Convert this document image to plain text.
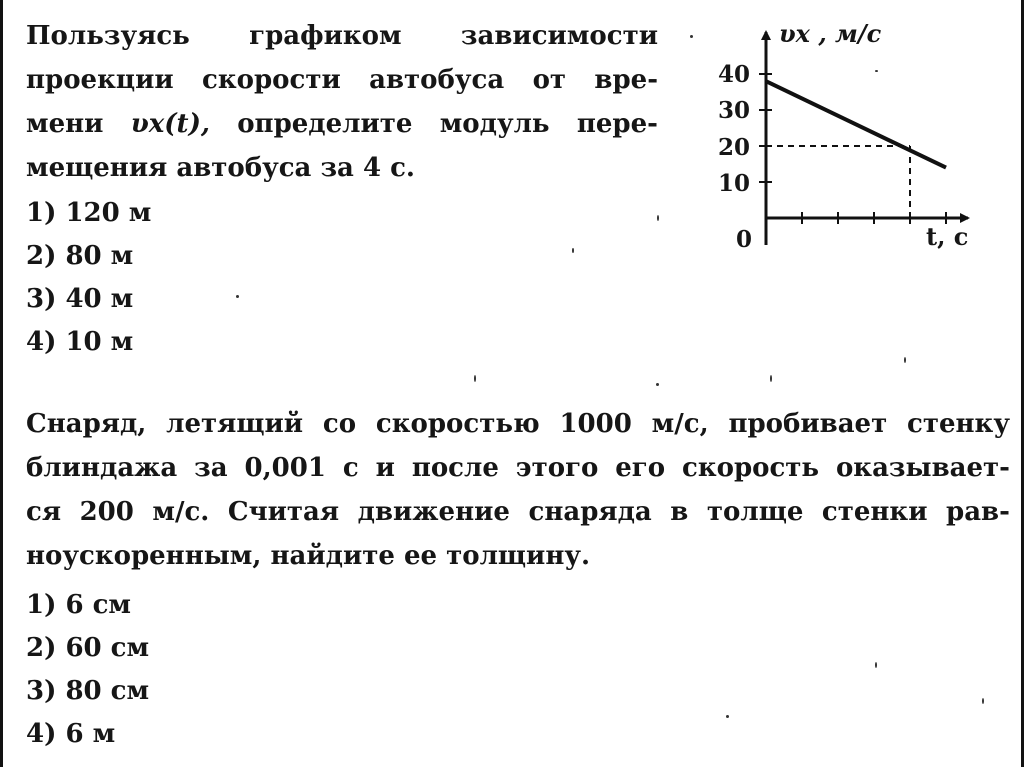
Пользуясь графиком зависимости
проекции скорости автобуса от вре-
мени υx(t), определите модуль пере-
мещения автобуса за 4 с.
1) 120 м
2) 80 м
3) 40 м
4) 10 м
υx , м/с
t, с
0
40
30
20
10
Снаряд, летящий со скоростью 1000 м/с, пробивает стенку
блиндажа за 0,001 с и после этого его скорость оказывает-
ся 200 м/с. Считая движение снаряда в толще стенки рав-
ноускоренным, найдите ее толщину.
1) 6 см
2) 60 см
3) 80 см
4) 6 м
